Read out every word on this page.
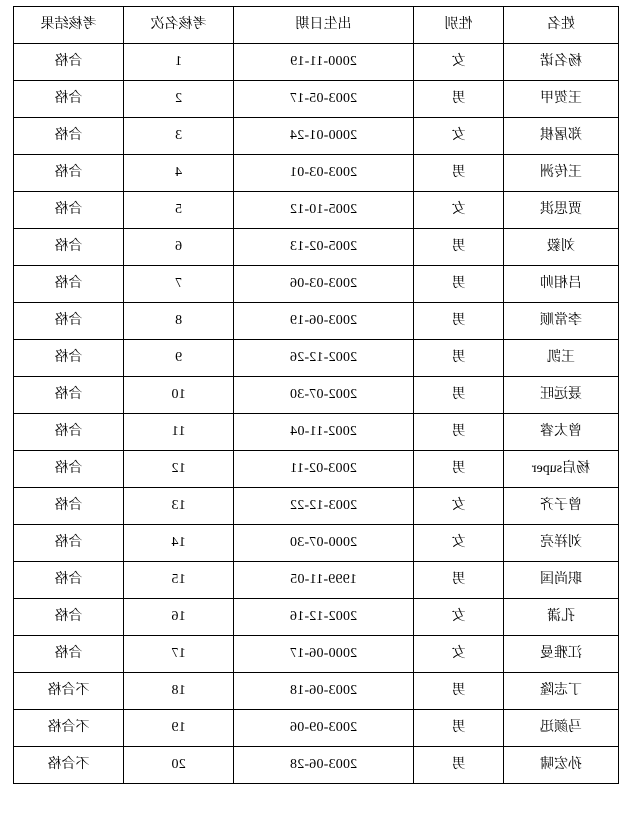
姓名	性别	出生日期	考核名次	考核结果
杨名诺	女	2000-11-19	1	合格
王贺甲	男	2003-05-17	2	合格
郑屠棋	女	2000-01-24	3	合格
王传洲	男	2003-03-01	4	合格
贾思淇	女	2005-10-12	5	合格
刘毅	男	2005-02-13	6	合格
吕相帅	男	2003-03-06	7	合格
李常顺	男	2003-06-19	8	合格
王凯	男	2002-12-26	9	合格
聂远旺	男	2002-07-30	10	合格
曾太睿	男	2002-11-04	11	合格
杨启super	男	2003-02-11	12	合格
曾子齐	女	2003-12-22	13	合格
刘祥亮	女	2000-07-30	14	合格
职尚国	男	1999-11-05	15	合格
孔潇	女	2002-12-16	16	合格
江雅曼	女	2000-06-17	17	合格
丁志隆	男	2003-06-18	18	不合格
马颜迅	男	2003-09-06	19	不合格
孙宏啸	男	2003-06-28	20	不合格
